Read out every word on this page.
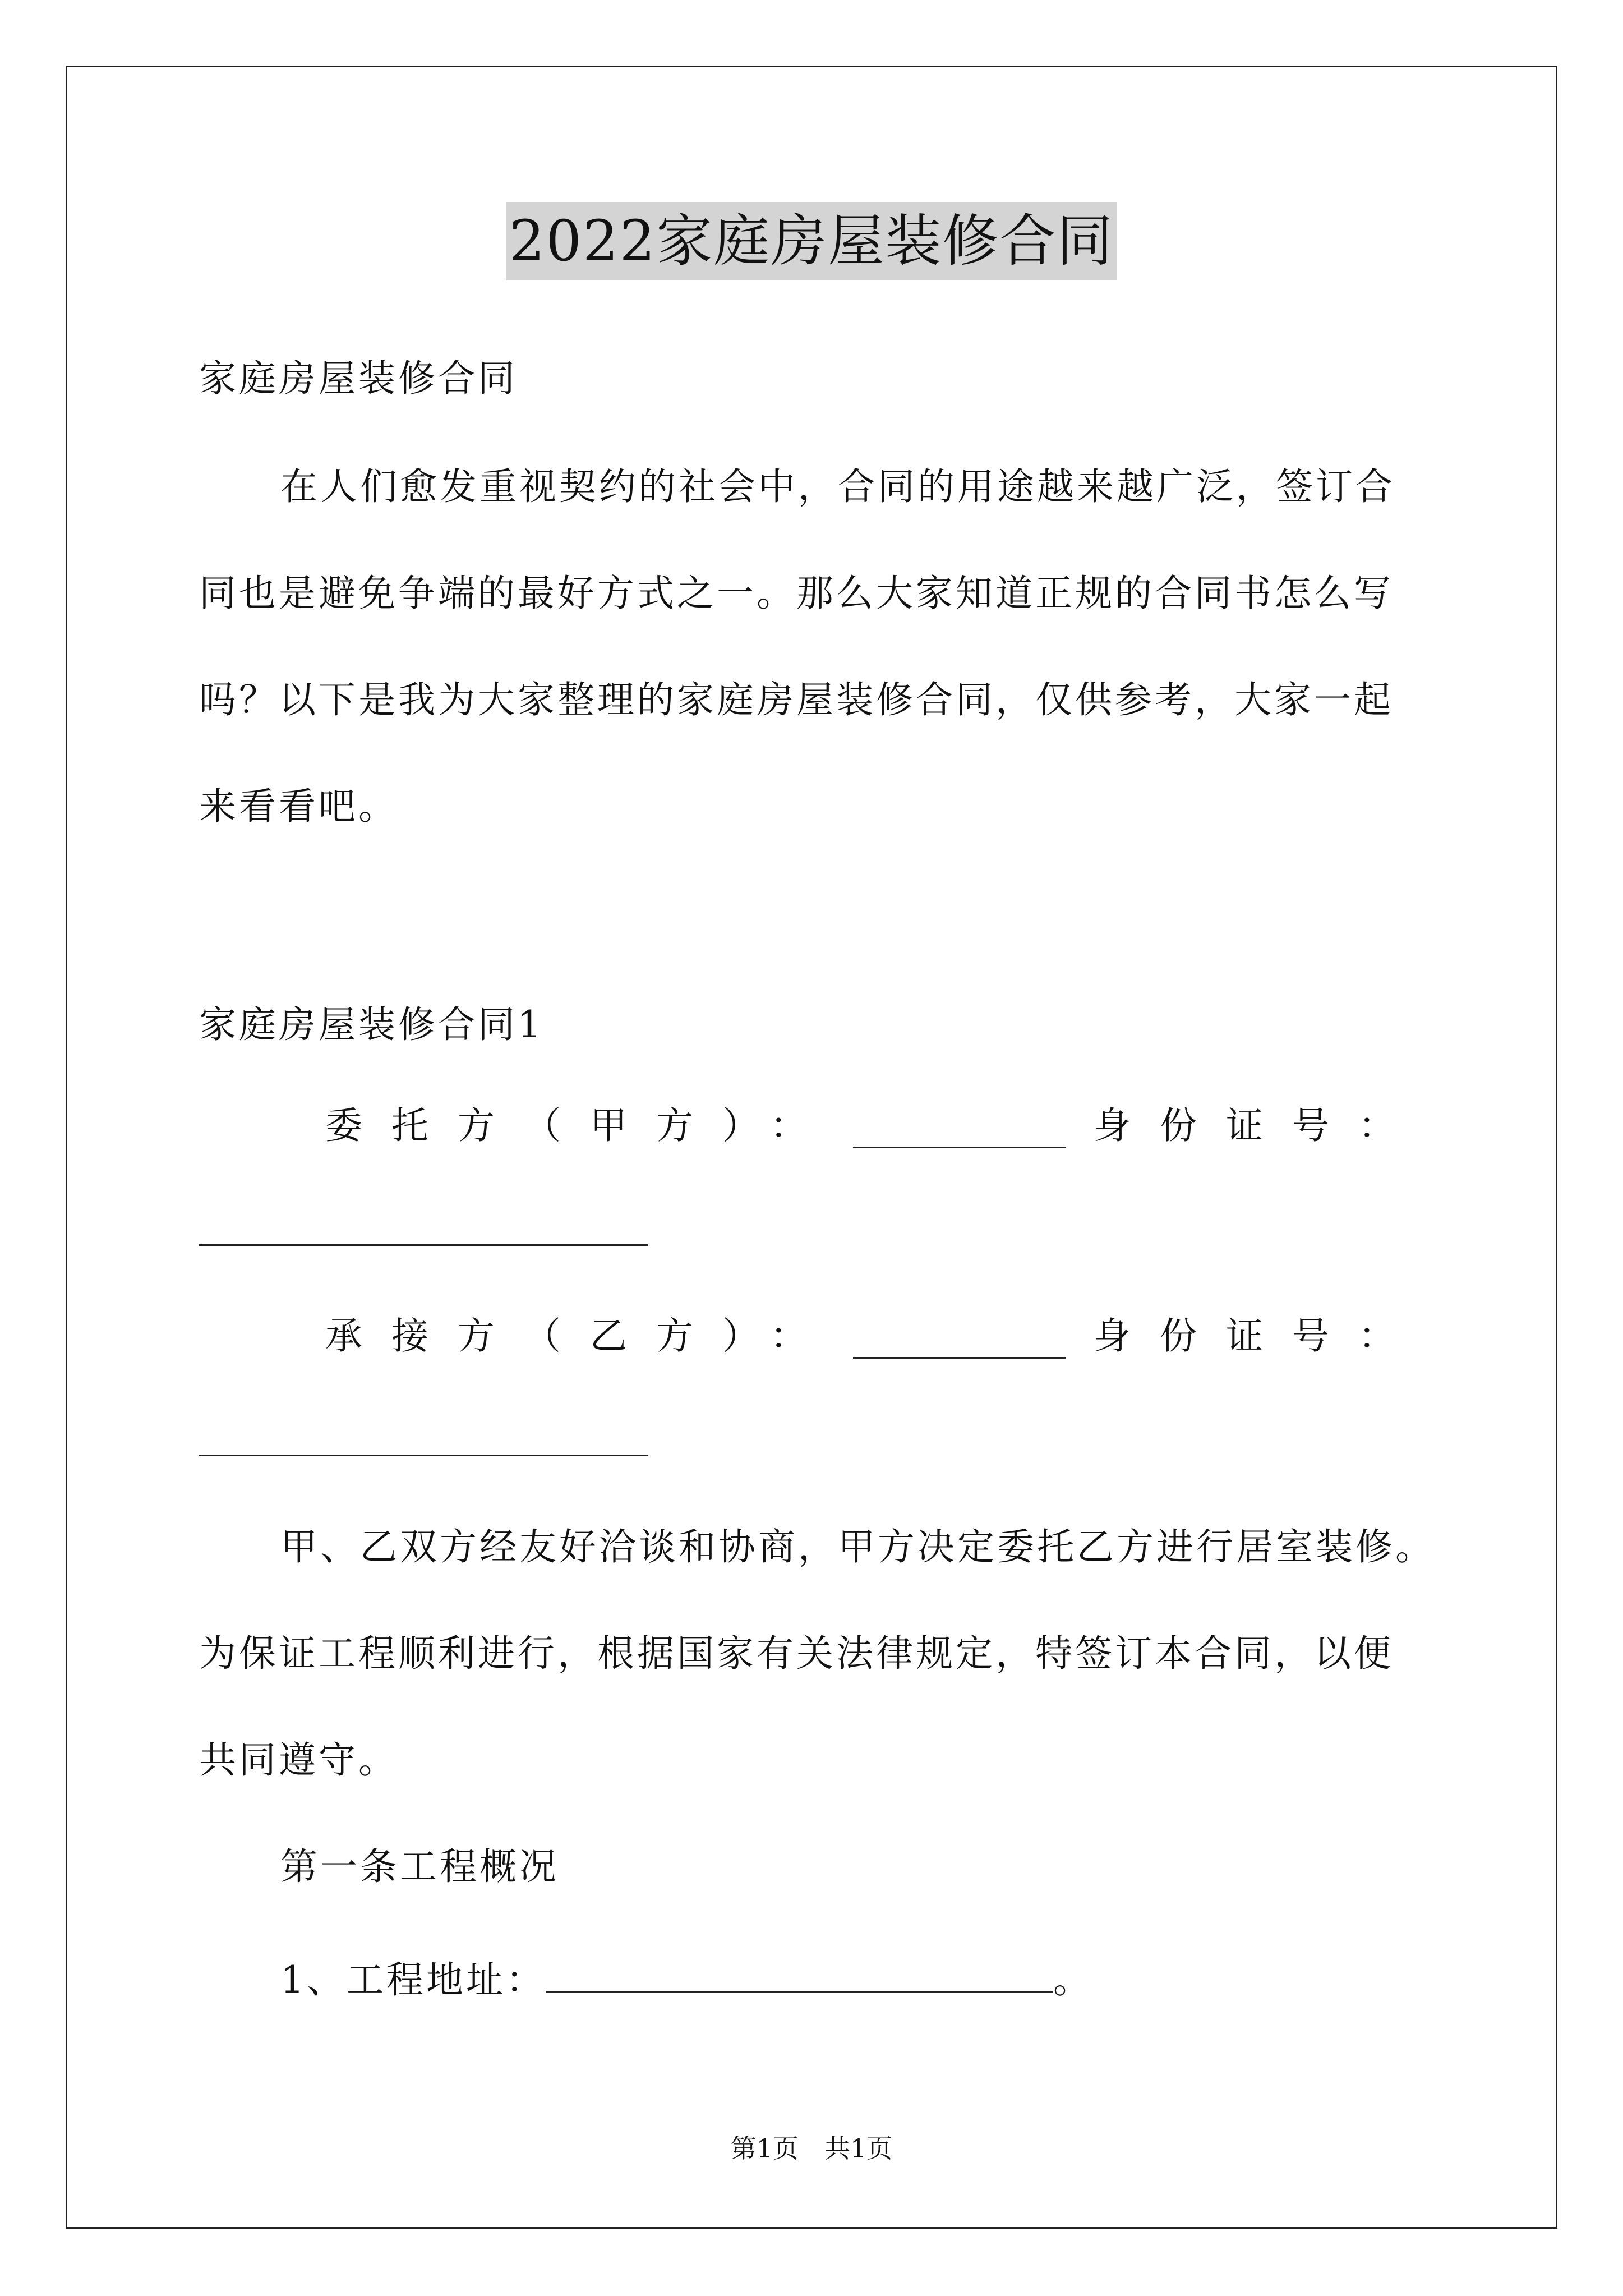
2022家庭房屋装修合同
家庭房屋装修合同
在人们愈发重视契约的社会中，合同的用途越来越广泛，签订合
同也是避免争端的最好方式之一。那么大家知道正规的合同书怎么写
吗？以下是我为大家整理的家庭房屋装修合同，仅供参考，大家一起
来看看吧。
家庭房屋装修合同1
委托方（甲方）：	身份证号：
承接方（乙方）：	身份证号：
甲、乙双方经友好洽谈和协商，甲方决定委托乙方进行居室装修。
为保证工程顺利进行，根据国家有关法律规定，特签订本合同，以便
共同遵守。
第一条工程概况
1、工程地址：	。
第1页　共1页
